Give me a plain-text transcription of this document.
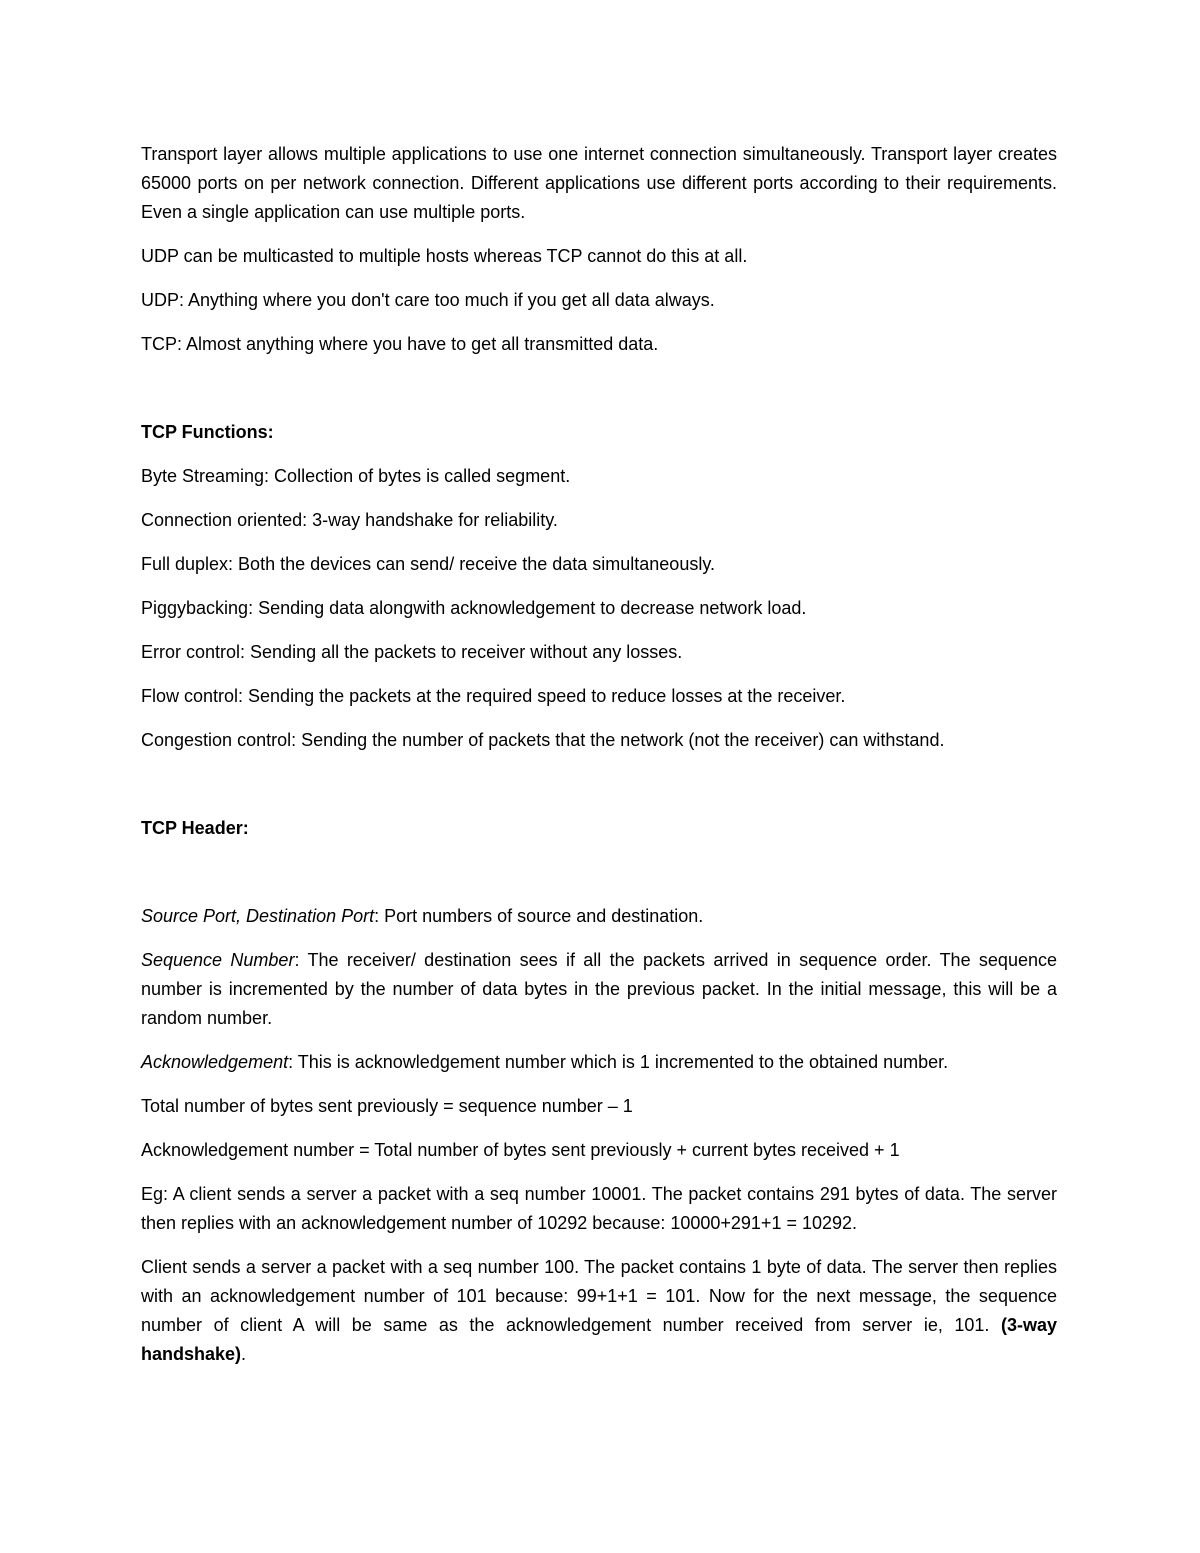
Transport layer allows multiple applications to use one internet connection simultaneously. Transport layer creates 65000 ports on per network connection. Different applications use different ports according to their requirements. Even a single application can use multiple ports.

UDP can be multicasted to multiple hosts whereas TCP cannot do this at all.

UDP: Anything where you don't care too much if you get all data always.

TCP: Almost anything where you have to get all transmitted data.

TCP Functions:

Byte Streaming: Collection of bytes is called segment.

Connection oriented: 3-way handshake for reliability.

Full duplex: Both the devices can send/ receive the data simultaneously.

Piggybacking: Sending data alongwith acknowledgement to decrease network load.

Error control: Sending all the packets to receiver without any losses.

Flow control: Sending the packets at the required speed to reduce losses at the receiver.

Congestion control: Sending the number of packets that the network (not the receiver) can withstand.

TCP Header:

Source Port, Destination Port: Port numbers of source and destination.

Sequence Number: The receiver/ destination sees if all the packets arrived in sequence order. The sequence number is incremented by the number of data bytes in the previous packet. In the initial message, this will be a random number.

Acknowledgement: This is acknowledgement number which is 1 incremented to the obtained number.

Total number of bytes sent previously = sequence number – 1

Acknowledgement number = Total number of bytes sent previously + current bytes received + 1

Eg: A client sends a server a packet with a seq number 10001. The packet contains 291 bytes of data. The server then replies with an acknowledgement number of 10292 because: 10000+291+1 = 10292.

Client sends a server a packet with a seq number 100. The packet contains 1 byte of data. The server then replies with an acknowledgement number of 101 because: 99+1+1 = 101. Now for the next message, the sequence number of client A will be same as the acknowledgement number received from server ie, 101. (3-way handshake).
